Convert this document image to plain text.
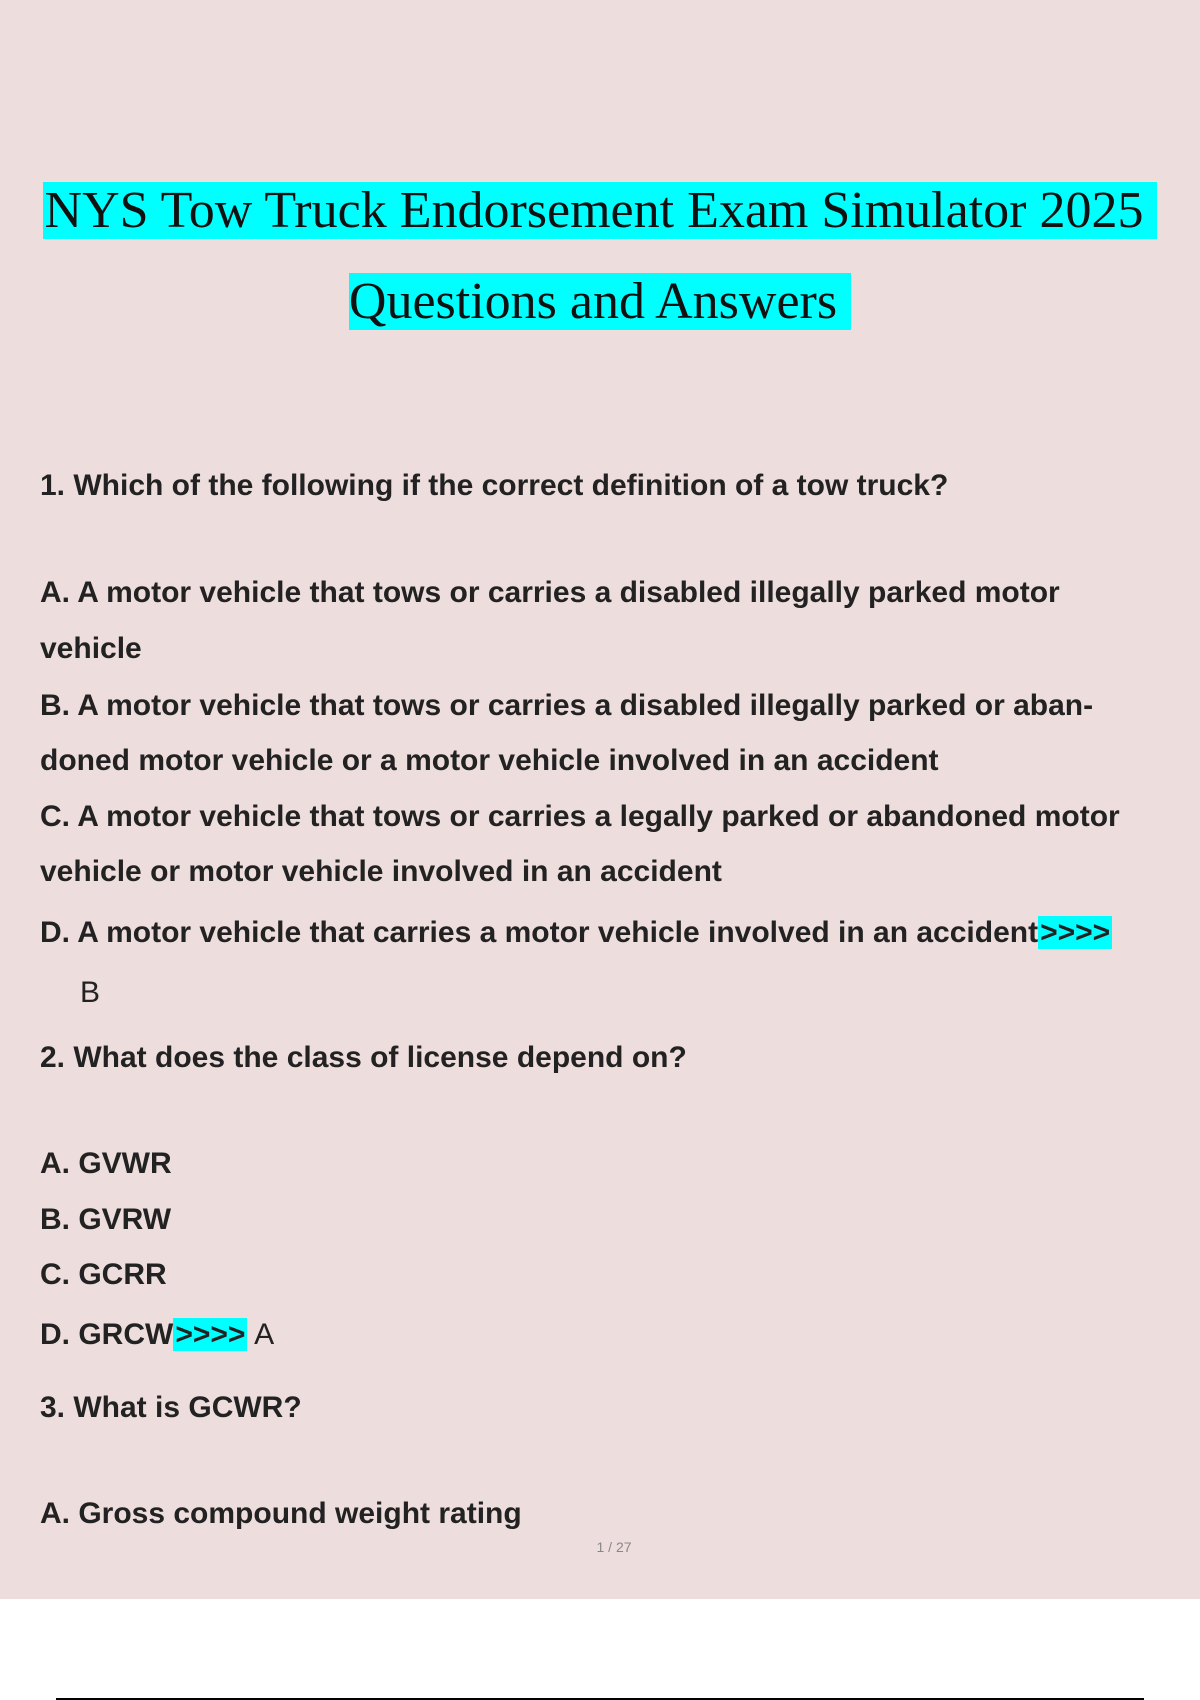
NYS Tow Truck Endorsement Exam Simulator 2025
Questions and Answers
1. Which of the following if the correct definition of a tow truck?
A. A motor vehicle that tows or carries a disabled illegally parked motor
vehicle
B. A motor vehicle that tows or carries a disabled illegally parked or aban-
doned motor vehicle or a motor vehicle involved in an accident
C. A motor vehicle that tows or carries a legally parked or abandoned motor
vehicle or motor vehicle involved in an accident
D. A motor vehicle that carries a motor vehicle involved in an accident>>>>
B
2. What does the class of license depend on?
A. GVWR
B. GVRW
C. GCRR
D. GRCW>>>> A
3. What is GCWR?
A. Gross compound weight rating
1 / 27
